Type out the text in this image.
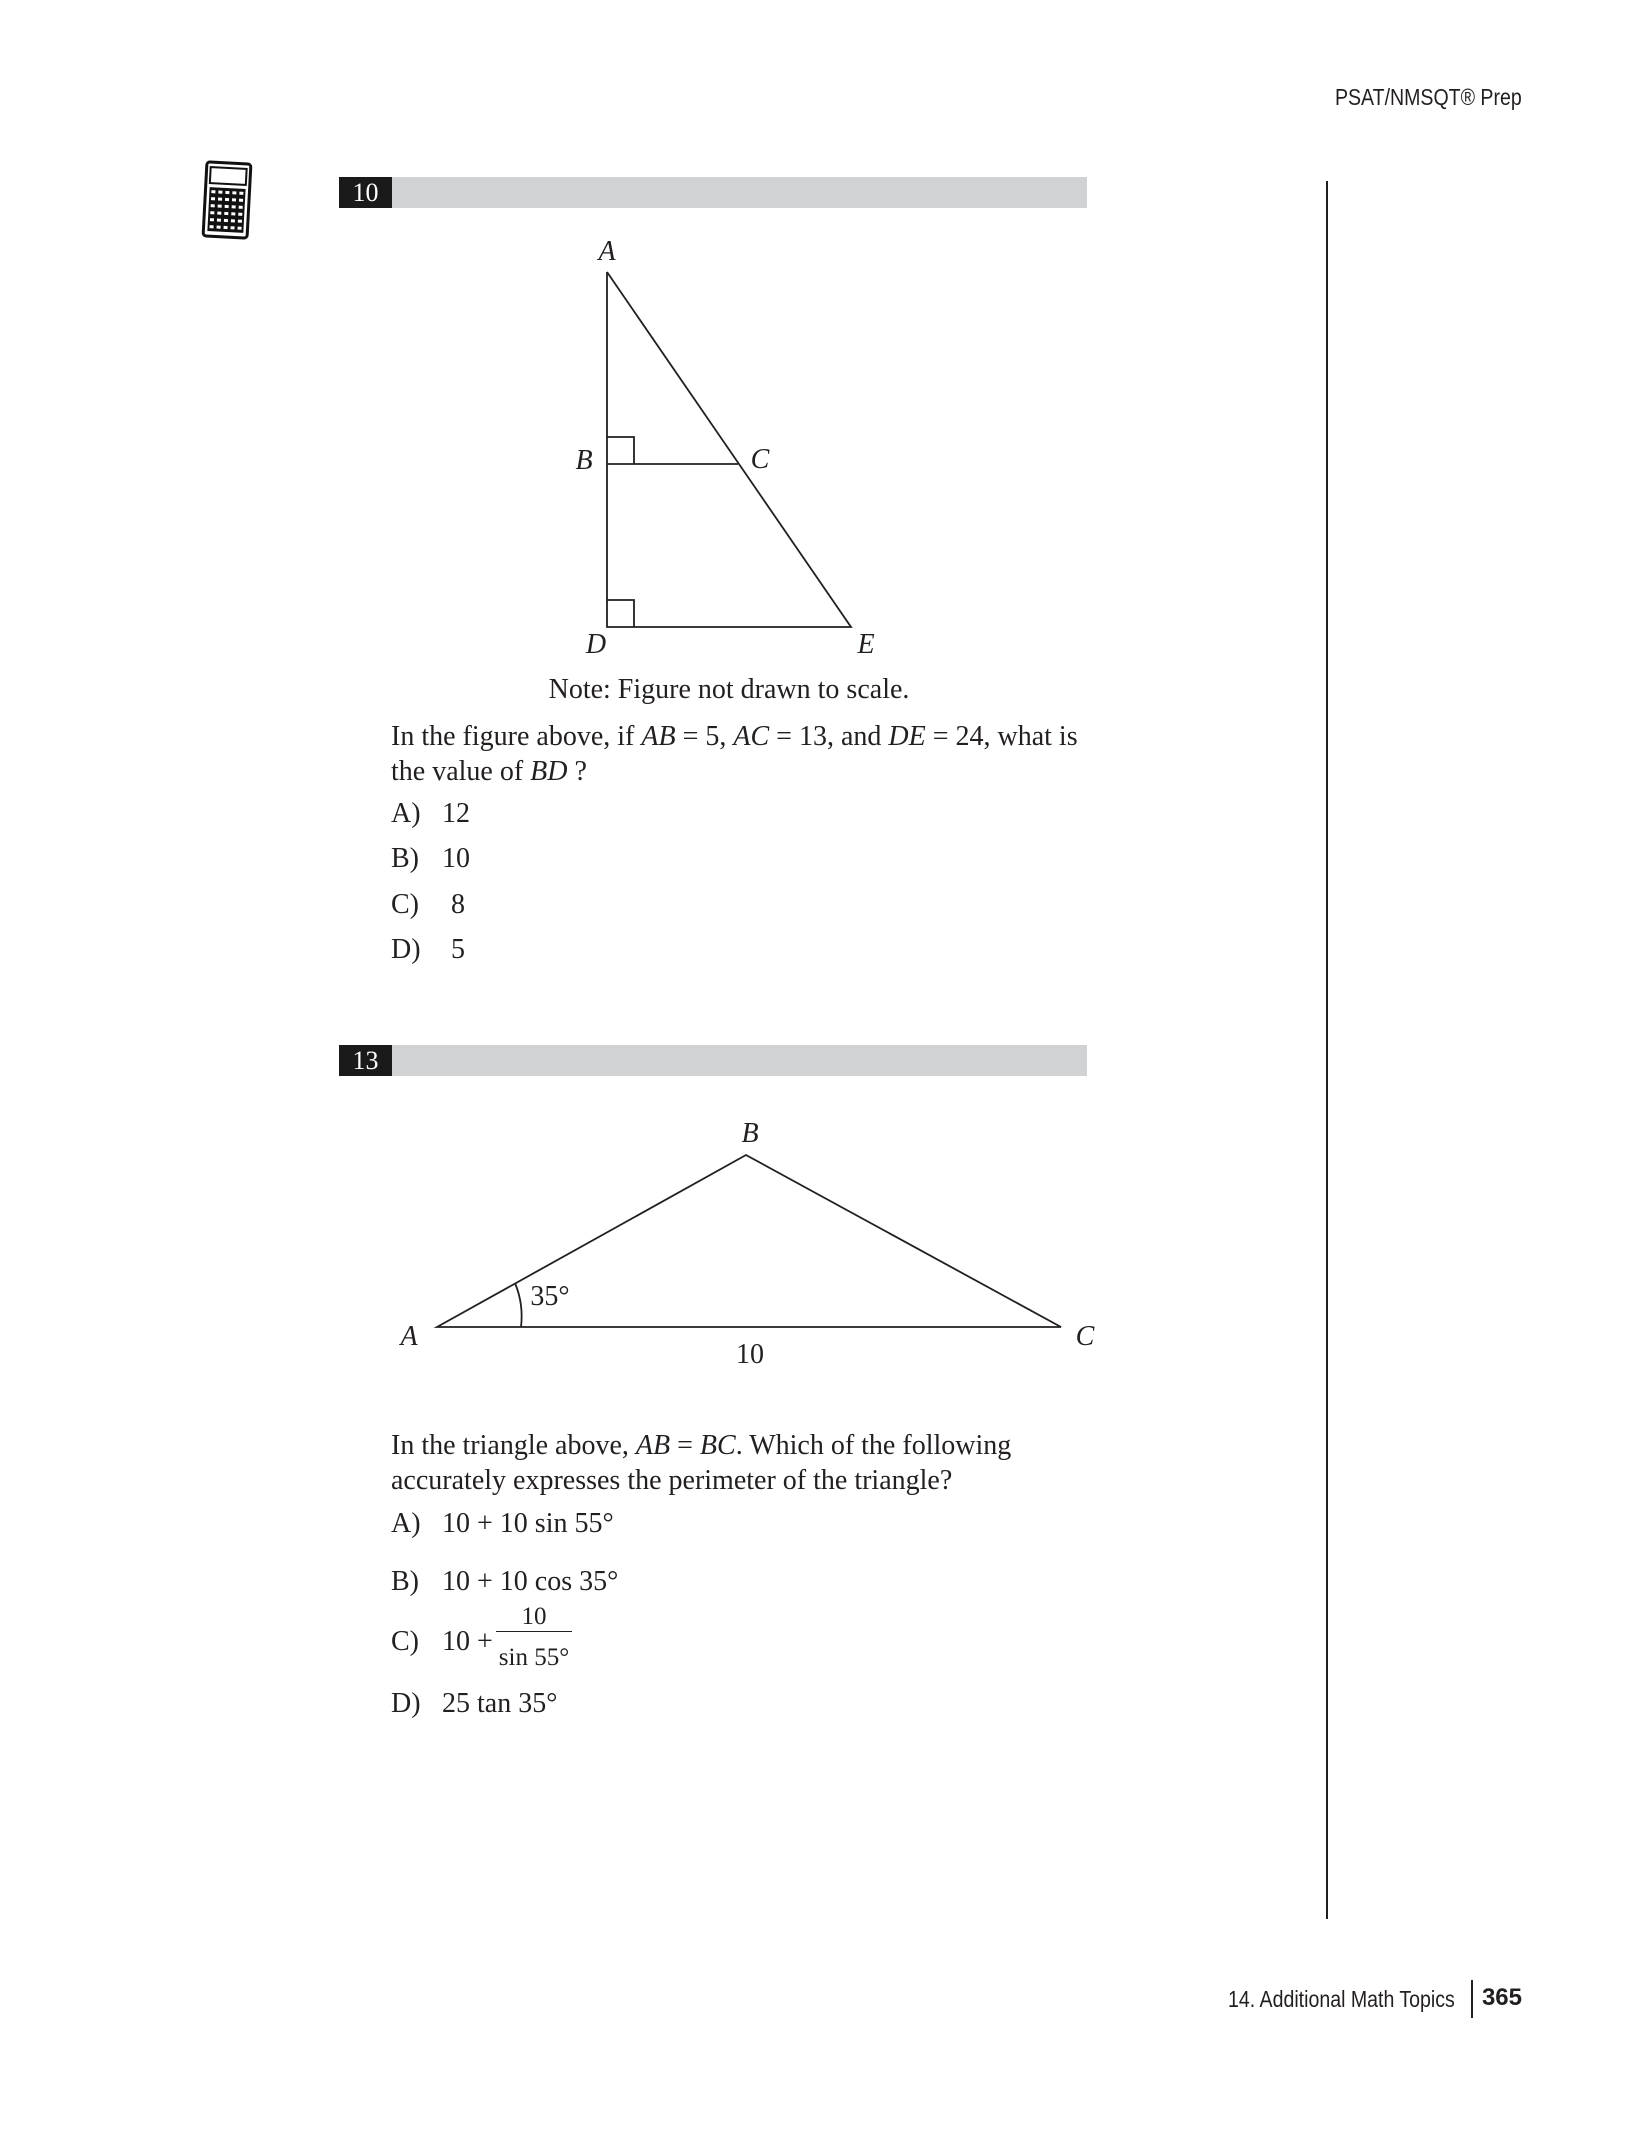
PSAT/NMSQT® Prep
10
A
B	C
D	E
Note: Figure not drawn to scale.
In the figure above, if AB = 5, AC = 13, and DE = 24, what is
the value of BD ?
A) 12
B) 10
C) 8
D) 5
13
A
B
C
35°
10
In the triangle above, AB = BC. Which of the following
accurately expresses the perimeter of the triangle?
A) 10 + 10 sin 55°
B) 10 + 10 cos 35°
C) 10 +
10
sin 55°
D) 25 tan 35°
14. Additional Math Topics 365
